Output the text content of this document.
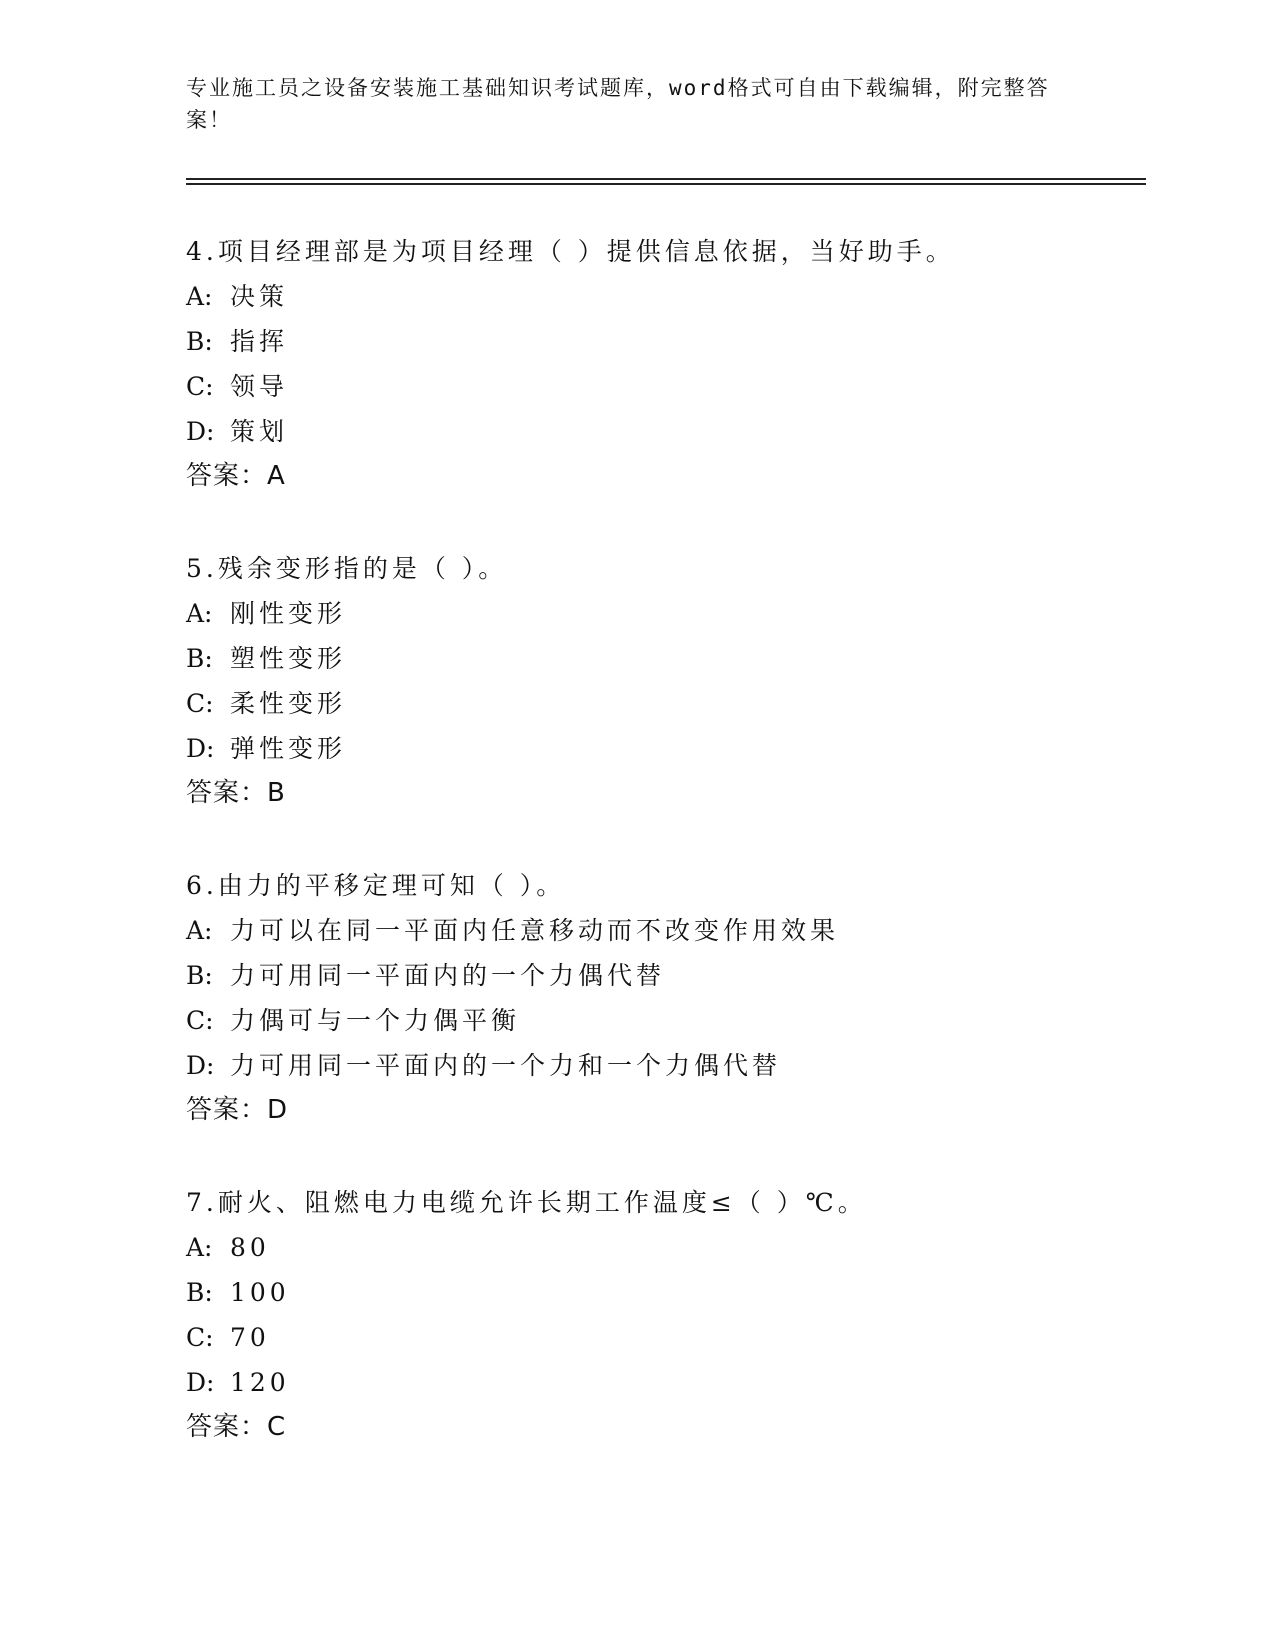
专业施工员之设备安装施工基础知识考试题库，word格式可自由下载编辑，附完整答案！
4.项目经理部是为项目经理（ ）提供信息依据，当好助手。
A: 决策
B: 指挥
C: 领导
D: 策划
答案：A
5.残余变形指的是（ ）。
A: 刚性变形
B: 塑性变形
C: 柔性变形
D: 弹性变形
答案：B
6.由力的平移定理可知（ ）。
A: 力可以在同一平面内任意移动而不改变作用效果
B: 力可用同一平面内的一个力偶代替
C: 力偶可与一个力偶平衡
D: 力可用同一平面内的一个力和一个力偶代替
答案：D
7.耐火、阻燃电力电缆允许长期工作温度≤（ ）℃。
A: 80
B: 100
C: 70
D: 120
答案：C
